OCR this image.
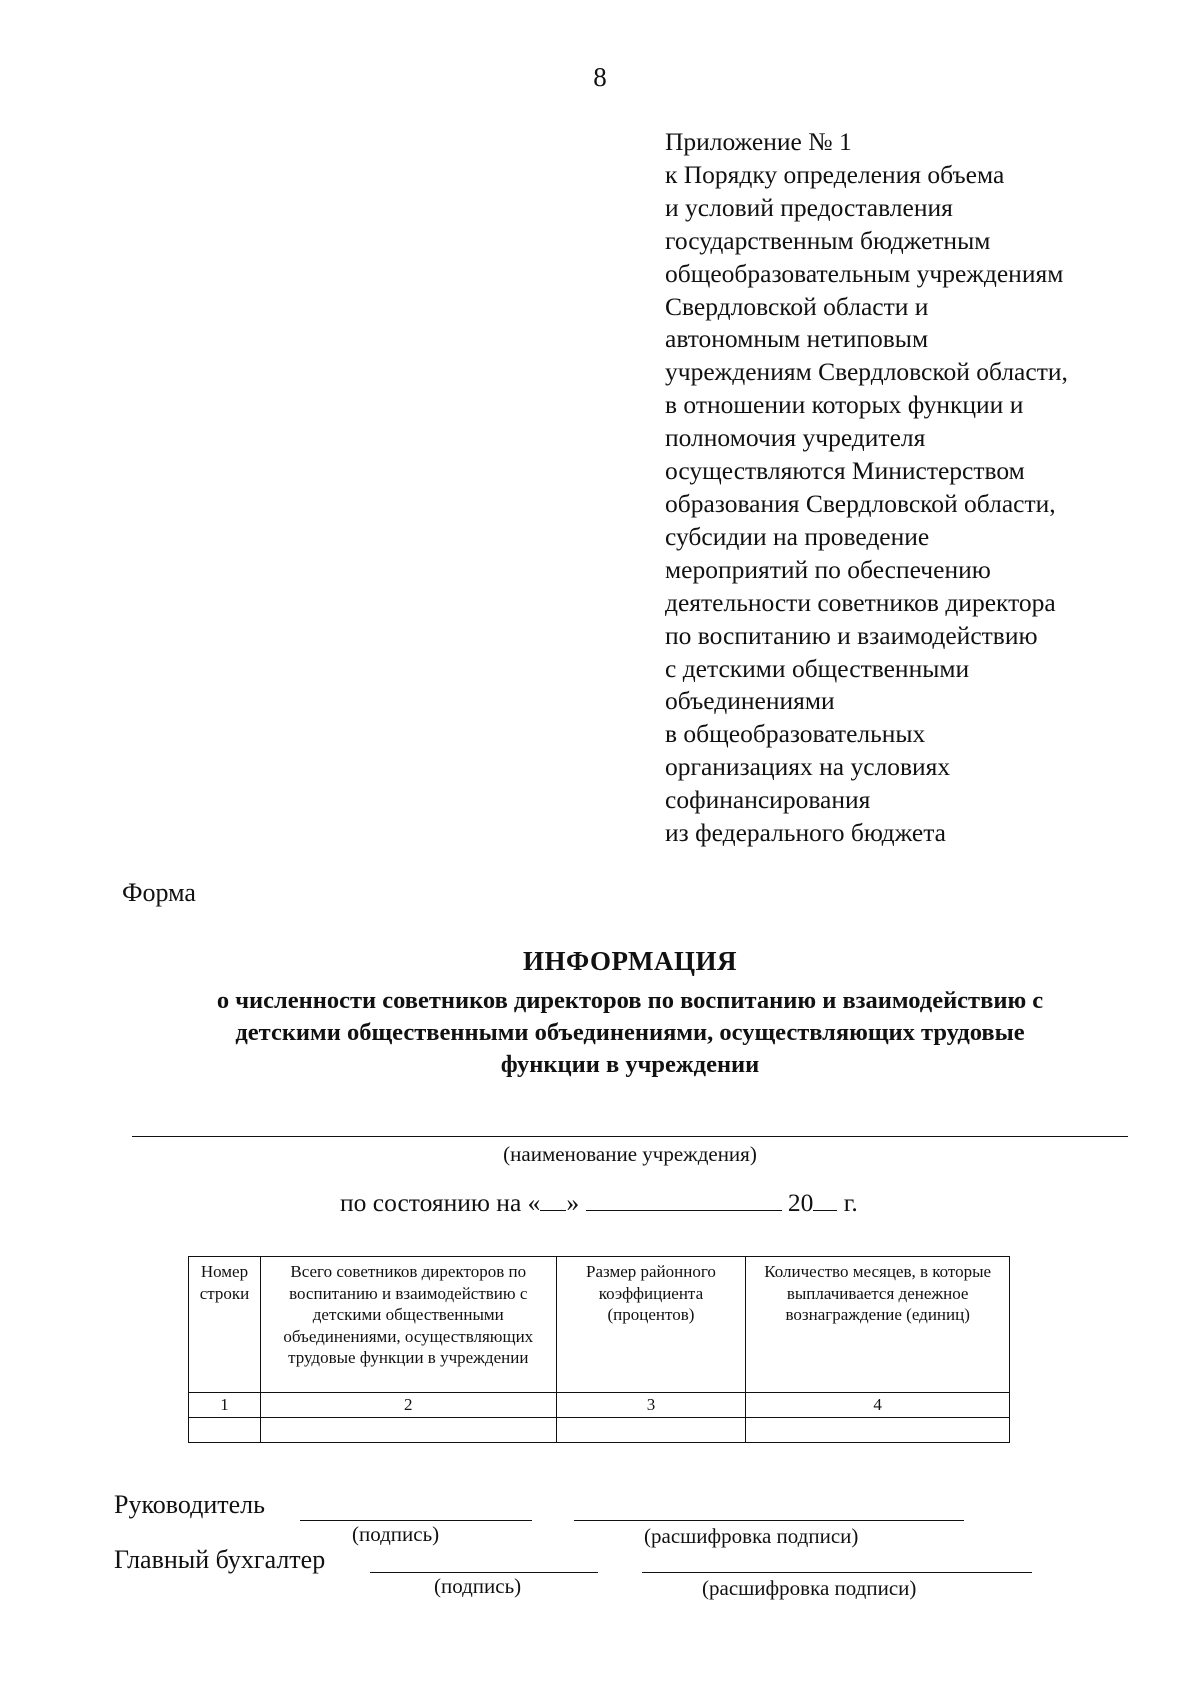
8
Приложение № 1
к Порядку определения объема
и условий предоставления
государственным бюджетным
общеобразовательным учреждениям
Свердловской области и
автономным нетиповым
учреждениям Свердловской области,
в отношении которых функции и
полномочия учредителя
осуществляются Министерством
образования Свердловской области,
субсидии на проведение
мероприятий по обеспечению
деятельности советников директора
по воспитанию и взаимодействию
с детскими общественными
объединениями
в общеобразовательных
организациях на условиях
софинансирования
из федерального бюджета
Форма
ИНФОРМАЦИЯ
о численности советников директоров по воспитанию и взаимодействию с
детскими общественными объединениями, осуществляющих трудовые
функции в учреждении
(наименование учреждения)
по состоянию на « »	20 г.
Номер строки	Всего советников директоров по воспитанию и взаимодействию с детскими общественными объединениями, осуществляющих трудовые функции в учреждении	Размер районного коэффициента (процентов)	Количество месяцев, в которые выплачивается денежное вознаграждение (единиц)
1	2	3	4

Руководитель
(подпись)	(расшифровка подписи)
Главный бухгалтер
(подпись)	(расшифровка подписи)
